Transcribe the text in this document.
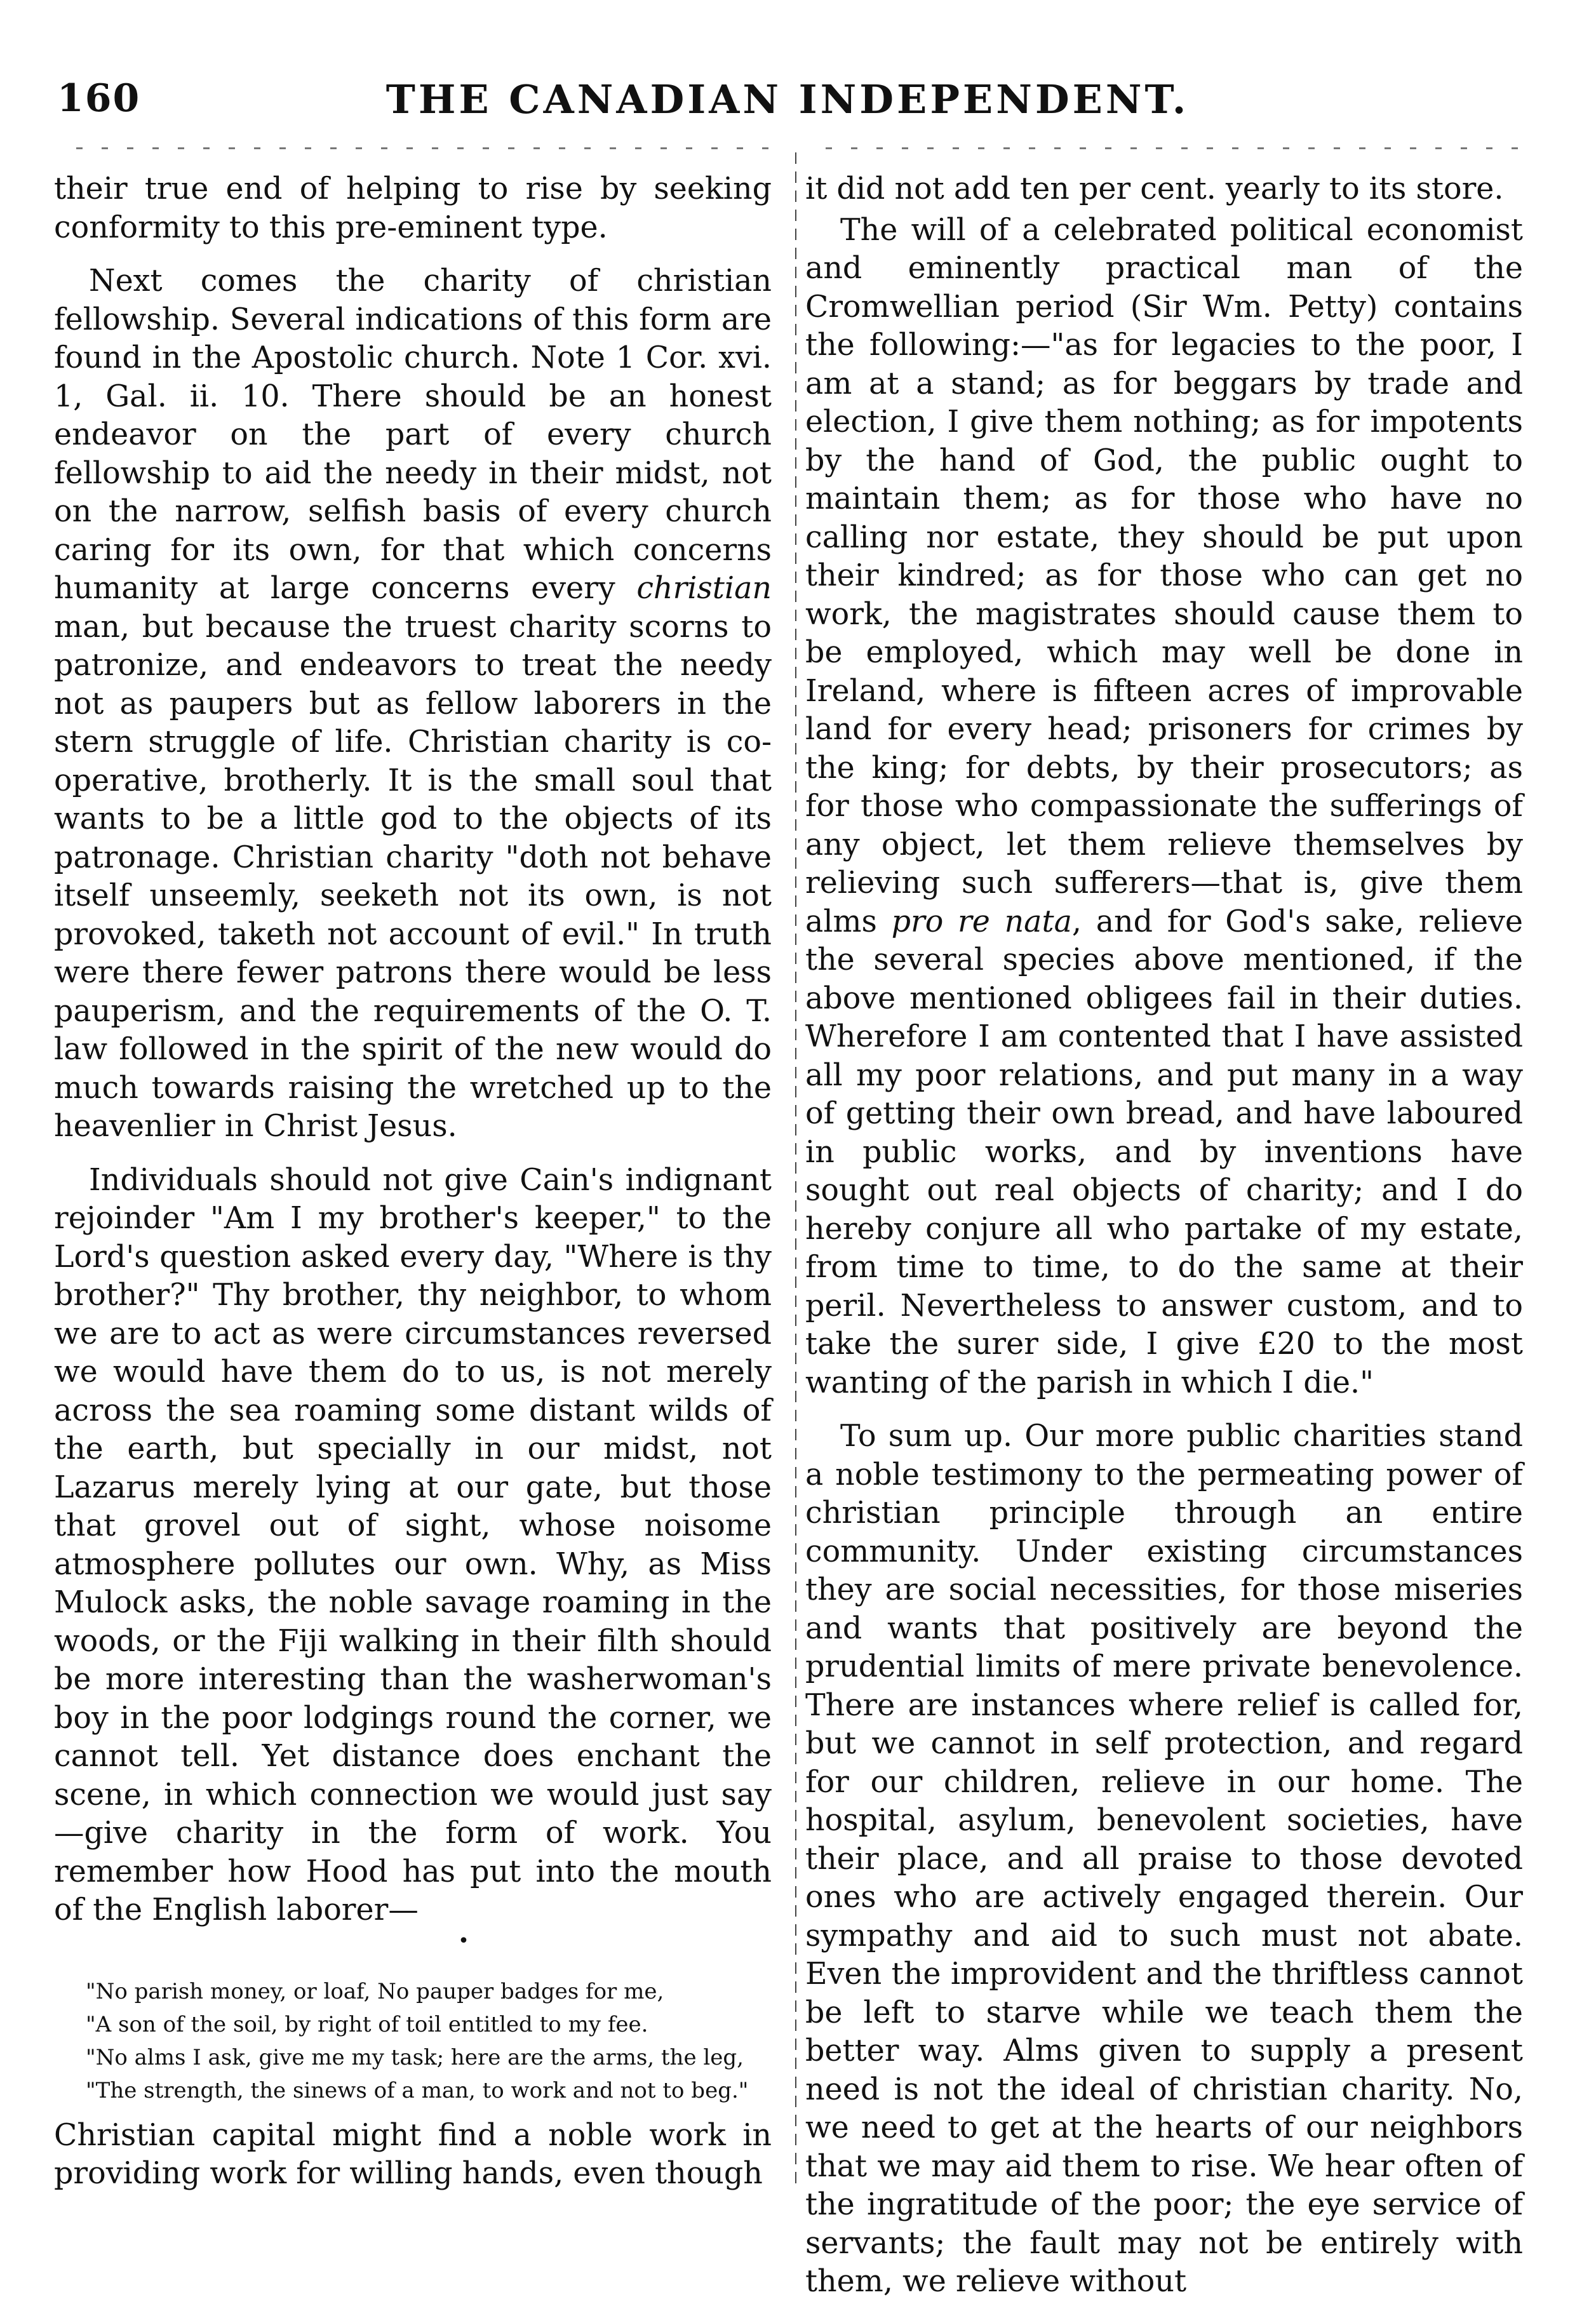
160	THE CANADIAN INDEPENDENT.

their true end of helping to rise by seeking conformity to this pre-eminent type.

Next comes the charity of christian fellowship. Several indications of this form are found in the Apostolic church. Note 1 Cor. xvi. 1, Gal. ii. 10. There should be an honest endeavor on the part of every church fellowship to aid the needy in their midst, not on the narrow, selfish basis of every church caring for its own, for that which concerns humanity at large concerns every christian man, but because the truest charity scorns to patronize, and endeavors to treat the needy not as paupers but as fellow laborers in the stern struggle of life. Christian charity is co-operative, brotherly. It is the small soul that wants to be a little god to the objects of its patronage. Christian charity "doth not behave itself unseemly, seeketh not its own, is not provoked, taketh not account of evil." In truth were there fewer patrons there would be less pauperism, and the requirements of the O. T. law followed in the spirit of the new would do much towards raising the wretched up to the heavenlier in Christ Jesus.

Individuals should not give Cain's indignant rejoinder "Am I my brother's keeper," to the Lord's question asked every day, "Where is thy brother?" Thy brother, thy neighbor, to whom we are to act as were circumstances reversed we would have them do to us, is not merely across the sea roaming some distant wilds of the earth, but specially in our midst, not Lazarus merely lying at our gate, but those that grovel out of sight, whose noisome atmosphere pollutes our own. Why, as Miss Mulock asks, the noble savage roaming in the woods, or the Fiji walking in their filth should be more interesting than the washerwoman's boy in the poor lodgings round the corner, we cannot tell. Yet distance does enchant the scene, in which connection we would just say—give charity in the form of work. You remember how Hood has put into the mouth of the English laborer—

•
"No parish money, or loaf, No pauper badges for me,
"A son of the soil, by right of toil entitled to my fee.
"No alms I ask, give me my task; here are the arms, the leg,
"The strength, the sinews of a man, to work and not to beg."

Christian capital might find a noble work in providing work for willing hands, even though

it did not add ten per cent. yearly to its store.

The will of a celebrated political economist and eminently practical man of the Cromwellian period (Sir Wm. Petty) contains the following:—"as for legacies to the poor, I am at a stand; as for beggars by trade and election, I give them nothing; as for impotents by the hand of God, the public ought to maintain them; as for those who have no calling nor estate, they should be put upon their kindred; as for those who can get no work, the magistrates should cause them to be employed, which may well be done in Ireland, where is fifteen acres of improvable land for every head; prisoners for crimes by the king; for debts, by their prosecutors; as for those who compassionate the sufferings of any object, let them relieve themselves by relieving such sufferers—that is, give them alms pro re nata, and for God's sake, relieve the several species above mentioned, if the above mentioned obligees fail in their duties. Wherefore I am contented that I have assisted all my poor relations, and put many in a way of getting their own bread, and have laboured in public works, and by inventions have sought out real objects of charity; and I do hereby conjure all who partake of my estate, from time to time, to do the same at their peril. Nevertheless to answer custom, and to take the surer side, I give £20 to the most wanting of the parish in which I die."

To sum up. Our more public charities stand a noble testimony to the permeating power of christian principle through an entire community. Under existing circumstances they are social necessities, for those miseries and wants that positively are beyond the prudential limits of mere private benevolence. There are instances where relief is called for, but we cannot in self protection, and regard for our children, relieve in our home. The hospital, asylum, benevolent societies, have their place, and all praise to those devoted ones who are actively engaged therein. Our sympathy and aid to such must not abate. Even the improvident and the thriftless cannot be left to starve while we teach them the better way. Alms given to supply a present need is not the ideal of christian charity. No, we need to get at the hearts of our neighbors that we may aid them to rise. We hear often of the ingratitude of the poor; the eye service of servants; the fault may not be entirely with them, we relieve without
